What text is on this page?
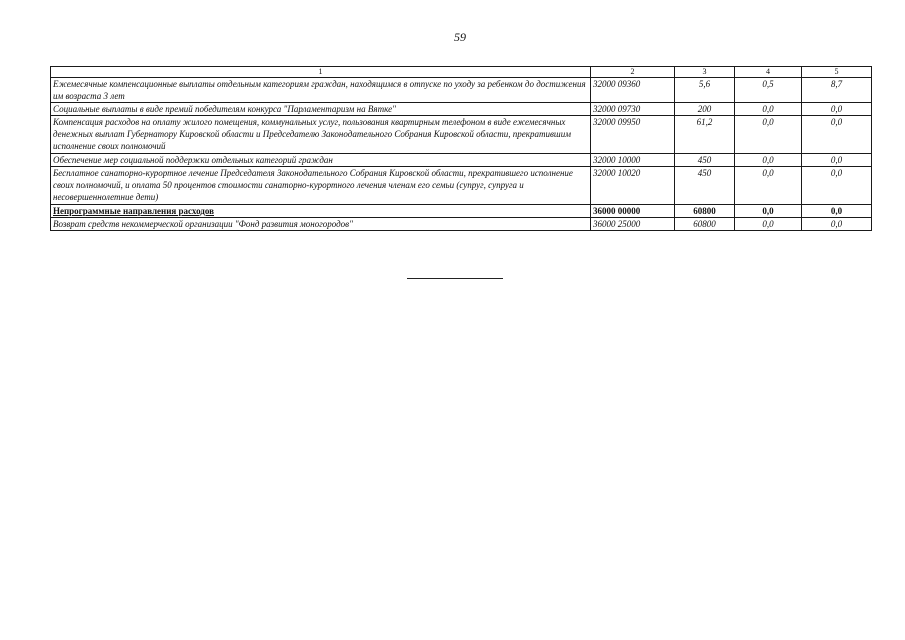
59
1	2	3	4	5
Ежемесячные компенсационные выплаты отдельным категориям граждан, находящимся в отпуске по уходу за ребенком до достижения им возраста 3 лет	32000 09360	5,6	0,5	8,7
Социальные выплаты в виде премий победителям конкурса "Парламентаризм на Вятке"	32000 09730	200	0,0	0,0
Компенсация расходов на оплату жилого помещения, коммунальных услуг, пользования квартирным телефоном в виде ежемесячных денежных выплат Губернатору Кировской области и Председателю Законодательного Собрания Кировской области, прекратившим исполнение своих полномочий	32000 09950	61,2	0,0	0,0
Обеспечение мер социальной поддержки отдельных категорий граждан	32000 10000	450	0,0	0,0
Бесплатное санаторно-курортное лечение Председателя Законодательного Собрания Кировской области, прекратившего исполнение своих полномочий, и оплата 50 процентов стоимости санаторно-курортного лечения членам его семьи (супруг, супруга и несовершеннолетние дети)	32000 10020	450	0,0	0,0
Непрограммные направления расходов	36000 00000	60800	0,0	0,0
Возврат средств некоммерческой организации "Фонд развития моногородов"	36000 25000	60800	0,0	0,0
